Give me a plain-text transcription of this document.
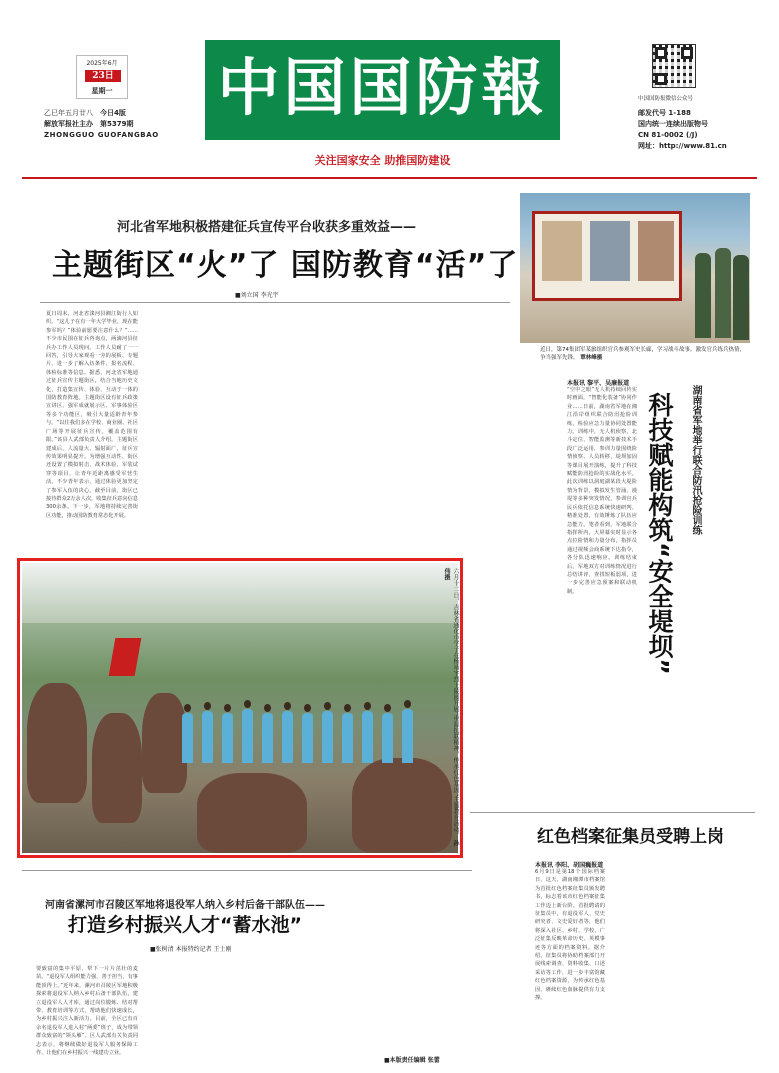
中国国防報
关注国家安全 助推国防建设
2025年6月
23日
星期一
乙巳年五月廿八　 今日4版
解放军报社主办　 第5379期
ZHONGGUO GUOFANGBAO
中国国防报微信公众号
邮发代号 1-188
国内统一连续出版物号
CN 81-0002 (/J)
网址：http://www.81.cn
河北省军地积极搭建征兵宣传平台收获多重效益——
主题街区“火”了 国防教育“活”了
■刘立国 李光宇
夏日周末，河北省滦河县湘江街行人如织。“这儿子在有一年大学毕业，现在能参军吗？”体验前愿要注意什么？”……不少市民围在征兵咨询点，两滴河县征兵办工作人员现问。工作人员耐了一一回答，引导大家观看一旁的展板、专题片、进一步了解入伍条件、报名流程、体检标准等信息。据悉，河北省军地通过征兵宣传主题街区，结合当地历史文化，打造集宣传、体验、互动于一体的国防教育阵地。主题街区设有征兵政策宣讲区、强军成就展示区、军事体验区等多个功能区，吸引大量适龄青年参与。“以往我们多在学校、商业圈、社区广场等开展征兵宣传，覆盖范围有限。”该县人武部负责人介绍，主题街区建成后，人流量大、辐射面广，征兵宣传效果明显提升。为增强互动性，街区还设置了模拟射击、战术体验、军装试穿等项目，让青年近距离感受军营生活。不少青年表示，通过体验更加坚定了参军入伍的决心。截至目前，街区已接待群众2万余人次，收集征兵意向信息300余条。下一步，军地将持续完善街区功能，推动国防教育常态化开展。
近日，第74集团军某旅组织官兵参观军史长廊，学习战斗故事。激发官兵练兵热情，争当强军先锋。 覃林峰摄
科技赋能构筑“安全堤坝” 湖南省军地举行联合防汛抢险训练
本报讯 黎平、吴廉报道
“空中之眼”无人机持续回传实时画面，“智能化装备”协同作业……日前，湖南省军地在湘江沿岸组织联合防汛抢险训练，检验应急力量协同处置能力。训练中，无人机侦察、北斗定位、智能监测等新技术手段广泛运用，参训力量围绕险情侦察、人员转移、堤坝加固等课目展开演练，提升了科技赋能防汛抢险的实战化水平。此次训练以洞庭湖某段大堤险情为背景，模拟发生管涌、漫堤等多种突发情况，参训官兵民兵依托信息系统快速研判、精准处置，有效锤炼了队伍应急能力。笔者看到，军地联合指挥所内，大屏幕实时显示各点位险情和力量分布，指挥员通过视频会商系统下达指令，各分队迅速响应。训练结束后，军地双方对训练情况进行总结讲评，查找短板弱项，进一步完善应急预案和联动机制。
六月十二日，吉林省通化市学子在杨靖宇烈士陵园开展“重温抗联精神，传承红色基因”主题教育活动。 孙伟摄
红色档案征集员受聘上岗
本报讯 李阳、胡国巍报道
6月9日是第18个国际档案日，这天，湖南湘潭市档案馆为首批红色档案征集员颁发聘书，标志着该市红色档案征集工作迈上新台阶。首批聘请的征集员中，有退役军人、党史研究者、文史爱好者等，他们将深入社区、乡村、学校，广泛征集反映革命历史、英模事迹等方面的档案资料。据介绍，征集员将协助档案部门开展线索调查、资料收集、口述采访等工作，进一步丰富馆藏红色档案资源，为传承红色基因、赓续红色血脉提供有力支撑。
河南省漯河市召陵区军地将退役军人纳入乡村后备干部队伍——
打造乡村振兴人才“蓄水池”
■张树清 本报特约记者 王士刚
要致富的集中平原，犁下一片片茁壮的麦苗。“退役军人组织能力强，善于担当，有事能顶得上。”近年来，漯河市召陵区军地积极探索将退役军人纳入乡村后备干部队伍，建立退役军人人才库，通过岗位锻炼、结对帮带、教育培训等方式，帮助他们快速成长，为乡村振兴注入新活力。目前，全区已有百余名退役军人进入村“两委”班子，成为带领群众致富的“领头雁”。区人武部有关负责同志表示，将继续做好退役军人服务保障工作，让他们在乡村振兴一线建功立业。
■本版责任编辑 张蕾
